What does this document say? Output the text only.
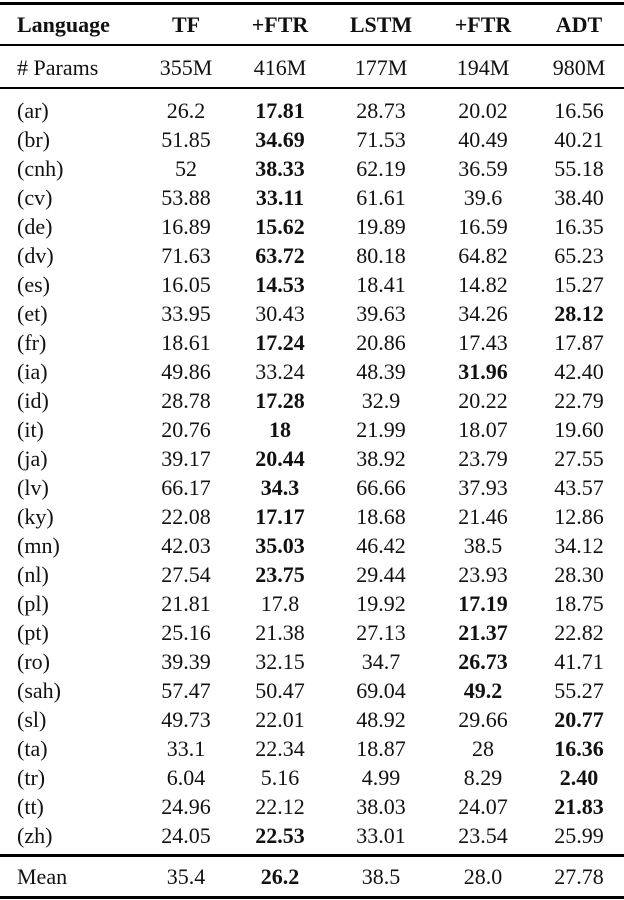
Language	TF	+FTR	LSTM	+FTR	ADT
# Params	355M	416M	177M	194M	980M
(ar)	26.2	17.81	28.73	20.02	16.56
(br)	51.85	34.69	71.53	40.49	40.21
(cnh)	52	38.33	62.19	36.59	55.18
(cv)	53.88	33.11	61.61	39.6	38.40
(de)	16.89	15.62	19.89	16.59	16.35
(dv)	71.63	63.72	80.18	64.82	65.23
(es)	16.05	14.53	18.41	14.82	15.27
(et)	33.95	30.43	39.63	34.26	28.12
(fr)	18.61	17.24	20.86	17.43	17.87
(ia)	49.86	33.24	48.39	31.96	42.40
(id)	28.78	17.28	32.9	20.22	22.79
(it)	20.76	18	21.99	18.07	19.60
(ja)	39.17	20.44	38.92	23.79	27.55
(lv)	66.17	34.3	66.66	37.93	43.57
(ky)	22.08	17.17	18.68	21.46	12.86
(mn)	42.03	35.03	46.42	38.5	34.12
(nl)	27.54	23.75	29.44	23.93	28.30
(pl)	21.81	17.8	19.92	17.19	18.75
(pt)	25.16	21.38	27.13	21.37	22.82
(ro)	39.39	32.15	34.7	26.73	41.71
(sah)	57.47	50.47	69.04	49.2	55.27
(sl)	49.73	22.01	48.92	29.66	20.77
(ta)	33.1	22.34	18.87	28	16.36
(tr)	6.04	5.16	4.99	8.29	2.40
(tt)	24.96	22.12	38.03	24.07	21.83
(zh)	24.05	22.53	33.01	23.54	25.99
Mean	35.4	26.2	38.5	28.0	27.78
